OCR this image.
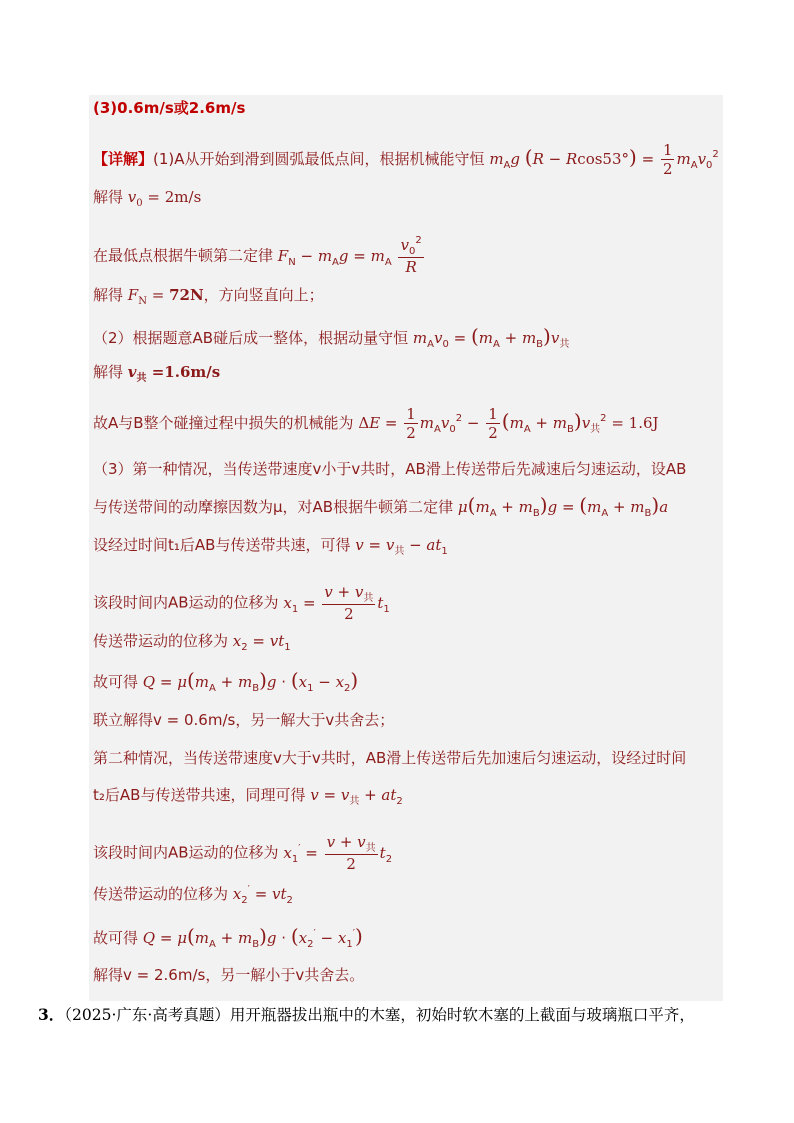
(3)0.6m/s或2.6m/s
【详解】(1)A从开始到滑到圆弧最低点间，根据机械能守恒 $m_Ag$ $(R - Rcos53^\circ) = \frac{1}{2} m_Av_0^2$
解得 $v_0 = 2m/s$
在最低点根据牛顿第二定律 $F_N - m_Ag = m_A \frac{v_0^2}{R}$
解得 $F_N = 72N$，方向竖直向上；
（2）根据题意AB碰后成一整体，根据动量守恒 $m_Av_0 = (m_A + m_B)v_共$
解得 $v_共 =1.6m/s$
故A与B整个碰撞过程中损失的机械能为 $\Delta E = \frac{1}{2} m_Av_0^2 - \frac{1}{2} (m_A + m_B)v_共^2 = 1.6J$
（3）第一种情况，当传送带速度v小于v共时，AB滑上传送带后先减速后匀速运动，设AB
与传送带间的动摩擦因数为μ，对AB根据牛顿第二定律 $\mu(m_A + m_B)g = (m_A + m_B)a$
设经过时间t₁后AB与传送带共速，可得 $v = v_共 - at_1$
该段时间内AB运动的位移为 $x_1 = \frac{v + v_共}{2} t_1$
传送带运动的位移为 $x_2 = vt_1$
故可得 $Q = \mu(m_A + m_B)g \cdot (x_1 - x_2)$
联立解得v = 0.6m/s，另一解大于v共舍去；
第二种情况，当传送带速度v大于v共时，AB滑上传送带后先加速后匀速运动，设经过时间
t₂后AB与传送带共速，同理可得 $v = v_共 + at_2$
该段时间内AB运动的位移为 $x_1' = \frac{v + v_共}{2} t_2$
传送带运动的位移为 $x_2' = vt_2$
故可得 $Q = \mu(m_A + m_B)g \cdot (x_2' - x_1')$
解得v = 2.6m/s，另一解小于v共舍去。
3．（2025·广东·高考真题）用开瓶器拔出瓶中的木塞，初始时软木塞的上截面与玻璃瓶口平齐，
